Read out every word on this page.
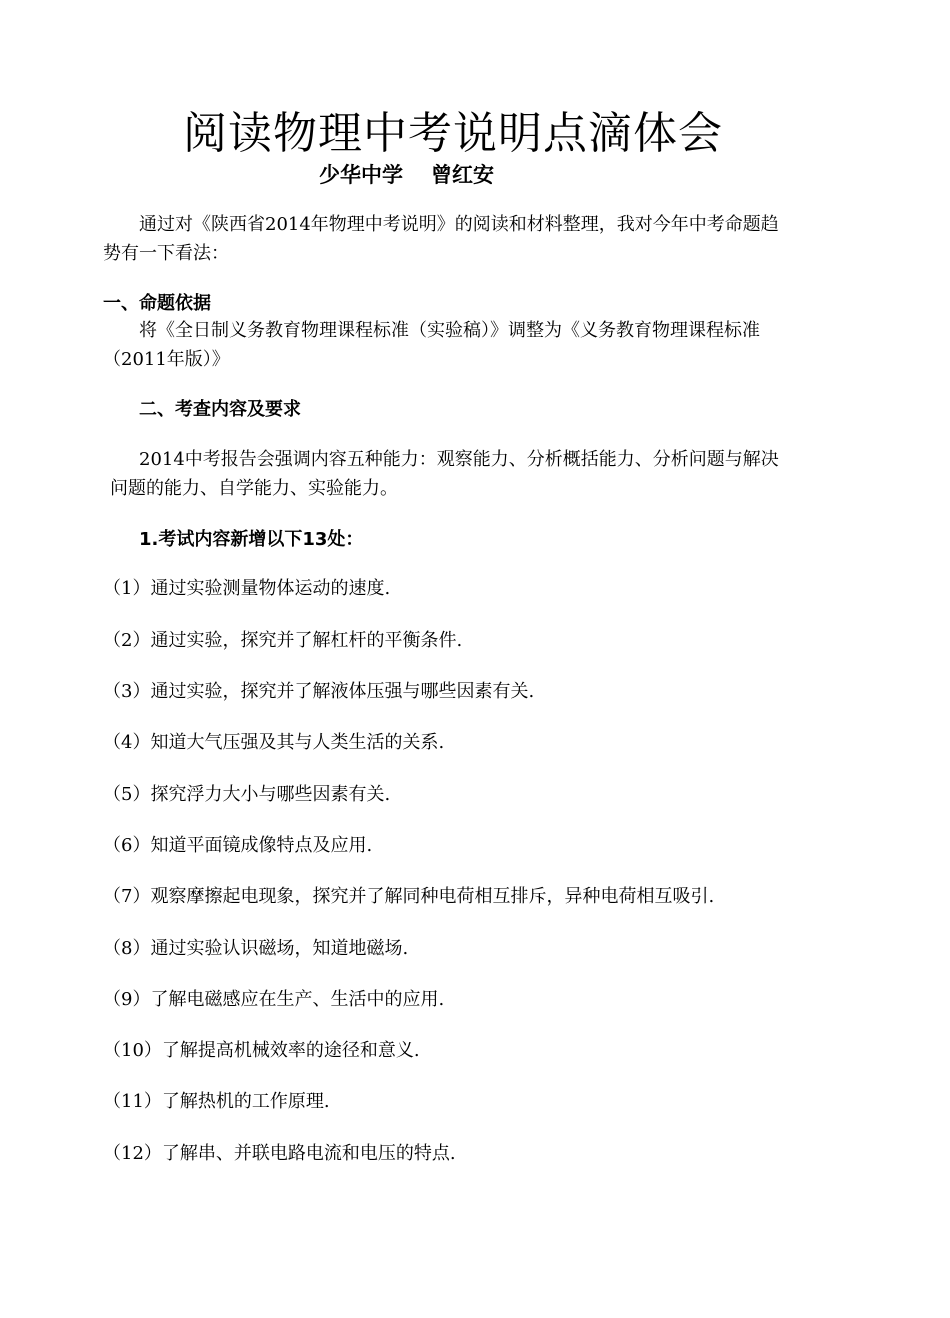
阅读物理中考说明点滴体会
少华中学 曾红安
通过对《陕西省2014年物理中考说明》的阅读和材料整理，我对今年中考命题趋
势有一下看法：
一、命题依据
将《全日制义务教育物理课程标准（实验稿）》调整为《义务教育物理课程标准
（2011年版）》
二、考查内容及要求
2014中考报告会强调内容五种能力：观察能力、分析概括能力、分析问题与解决
问题的能力、自学能力、实验能力。
1.考试内容新增以下13处：
（1）通过实验测量物体运动的速度.
（2）通过实验，探究并了解杠杆的平衡条件.
（3）通过实验，探究并了解液体压强与哪些因素有关.
（4）知道大气压强及其与人类生活的关系.
（5）探究浮力大小与哪些因素有关.
（6）知道平面镜成像特点及应用.
（7）观察摩擦起电现象，探究并了解同种电荷相互排斥，异种电荷相互吸引.
（8）通过实验认识磁场，知道地磁场.
（9）了解电磁感应在生产、生活中的应用.
（10）了解提高机械效率的途径和意义.
（11）了解热机的工作原理.
（12）了解串、并联电路电流和电压的特点.
